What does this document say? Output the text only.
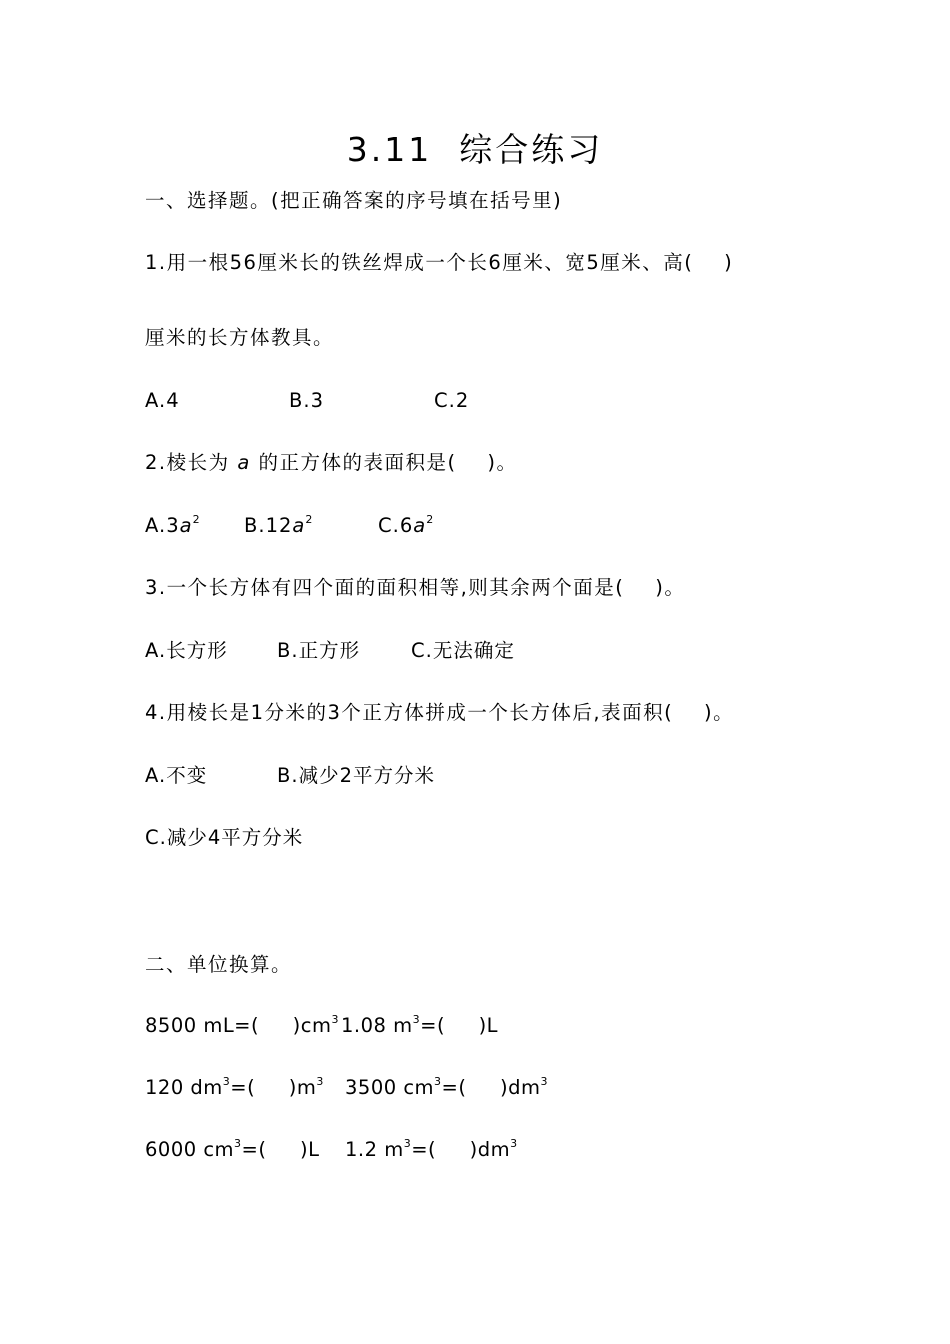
3.11  综合练习
一、选择题。(把正确答案的序号填在括号里)
1.用一根56厘米长的铁丝焊成一个长6厘米、宽5厘米、高(    )
厘米的长方体教具。

A.4

	B.3

	C.2

2.棱长为 a 的正方体的表面积是(    )。

$A.3a^2$

$B.12a^2$

	$C.6a^2$

3.一个长方体有四个面的面积相等,则其余两个面是(    )。

A.长方形

	B.正方形

	C.无法确定

4.用棱长是1分米的3个正方体拼成一个长方体后,表面积(    )。

A.不变

	B.减少2平方分米

C.减少4平方分米

二、单位换算。

8500 mL=(     )$cm^3$

1.08 $m^3=$(     )L

120 $dm^3=$(     )$m^3$

3500 $cm^3=$(     )$dm^3$

6000 $cm^3=$(     )L

1.2 $m^3=$(     )$dm^3$
